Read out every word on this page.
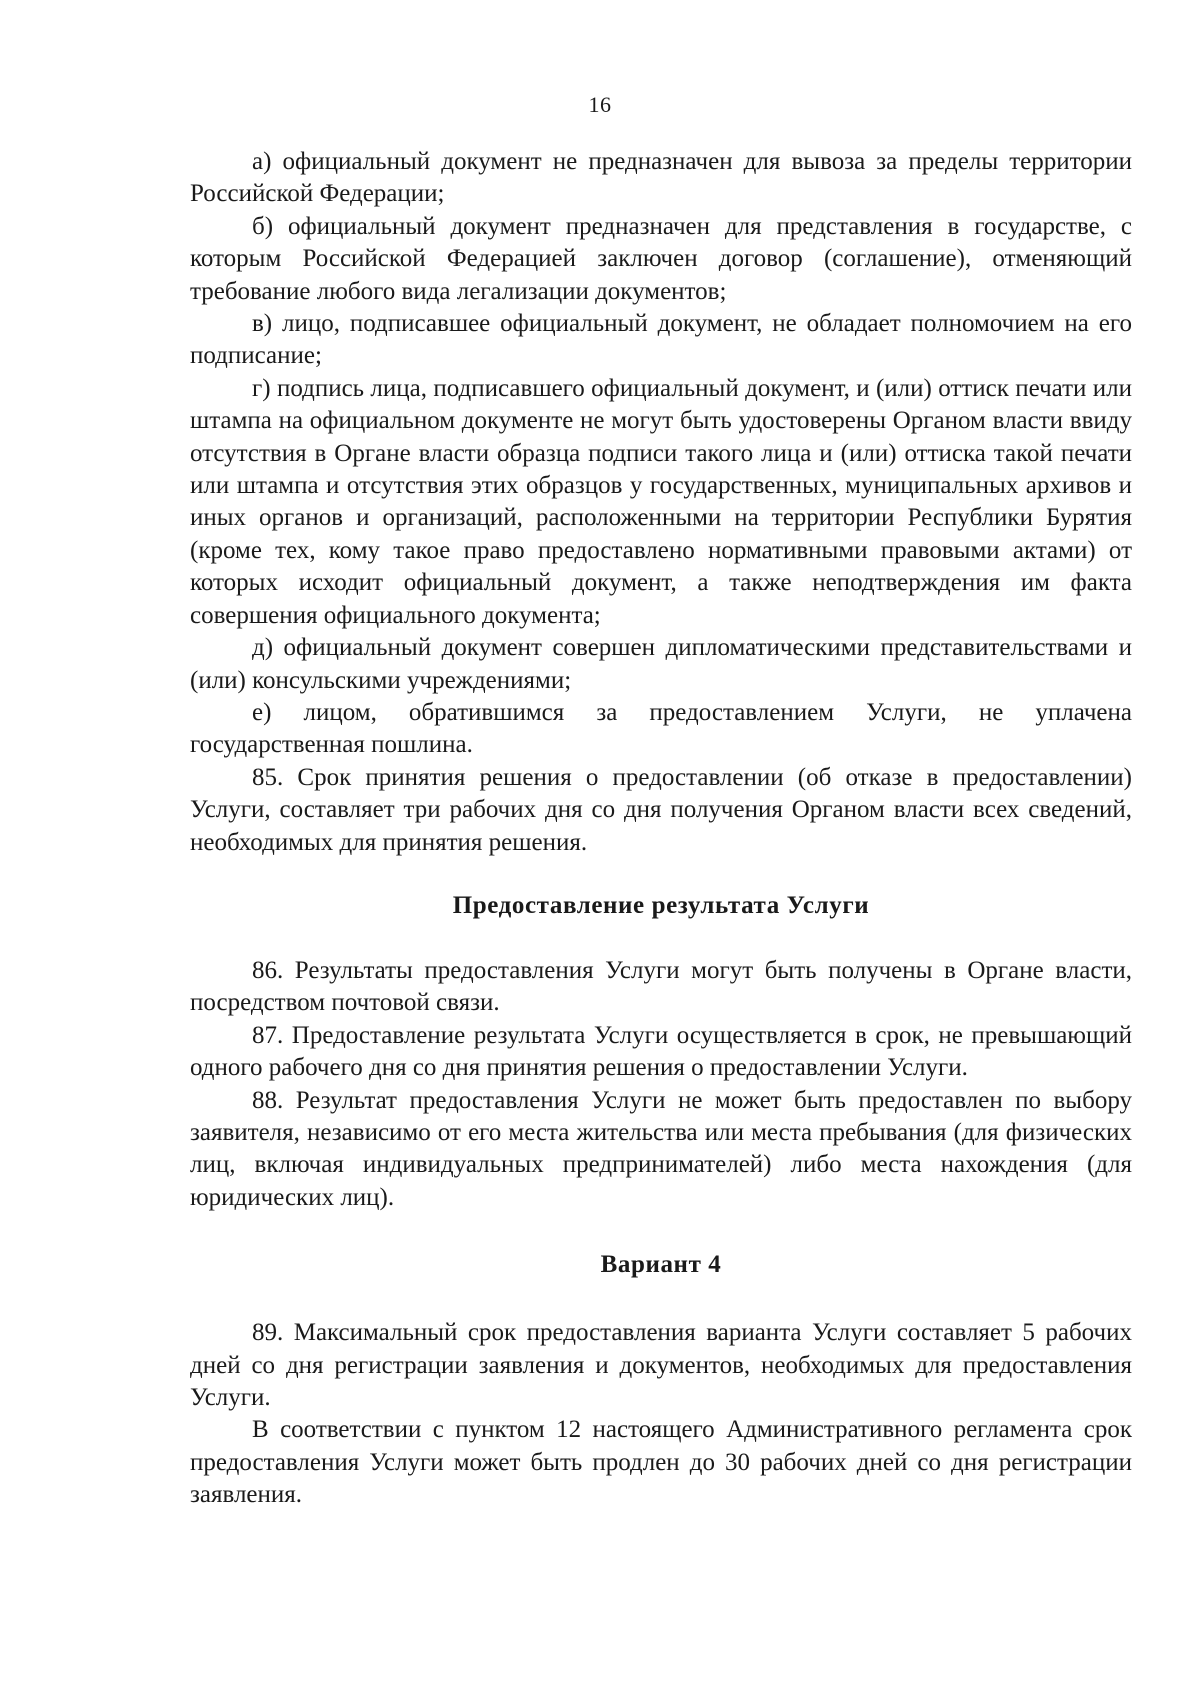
16

а) официальный документ не предназначен для вывоза за пределы территории Российской Федерации;

б) официальный документ предназначен для представления в государстве, с которым Российской Федерацией заключен договор (соглашение), отменяющий требование любого вида легализации документов;

в) лицо, подписавшее официальный документ, не обладает полномочием на его подписание;

г) подпись лица, подписавшего официальный документ, и (или) оттиск печати или штампа на официальном документе не могут быть удостоверены Органом власти ввиду отсутствия в Органе власти образца подписи такого лица и (или) оттиска такой печати или штампа и отсутствия этих образцов у государственных, муниципальных архивов и иных органов и организаций, расположенными на территории Республики Бурятия (кроме тех, кому такое право предоставлено нормативными правовыми актами) от которых исходит официальный документ, а также неподтверждения им факта совершения официального документа;

д) официальный документ совершен дипломатическими представительствами и (или) консульскими учреждениями;

е) лицом, обратившимся за предоставлением Услуги, не уплачена государственная пошлина.

85. Срок принятия решения о предоставлении (об отказе в предоставлении) Услуги, составляет три рабочих дня со дня получения Органом власти всех сведений, необходимых для принятия решения.

Предоставление результата Услуги

86. Результаты предоставления Услуги могут быть получены в Органе власти, посредством почтовой связи.

87. Предоставление результата Услуги осуществляется в срок, не превышающий одного рабочего дня со дня принятия решения о предоставлении Услуги.

88. Результат предоставления Услуги не может быть предоставлен по выбору заявителя, независимо от его места жительства или места пребывания (для физических лиц, включая индивидуальных предпринимателей) либо места нахождения (для юридических лиц).

Вариант 4

89. Максимальный срок предоставления варианта Услуги составляет 5 рабочих дней со дня регистрации заявления и документов, необходимых для предоставления Услуги.

В соответствии с пунктом 12 настоящего Административного регламента срок предоставления Услуги может быть продлен до 30 рабочих дней со дня регистрации заявления.
